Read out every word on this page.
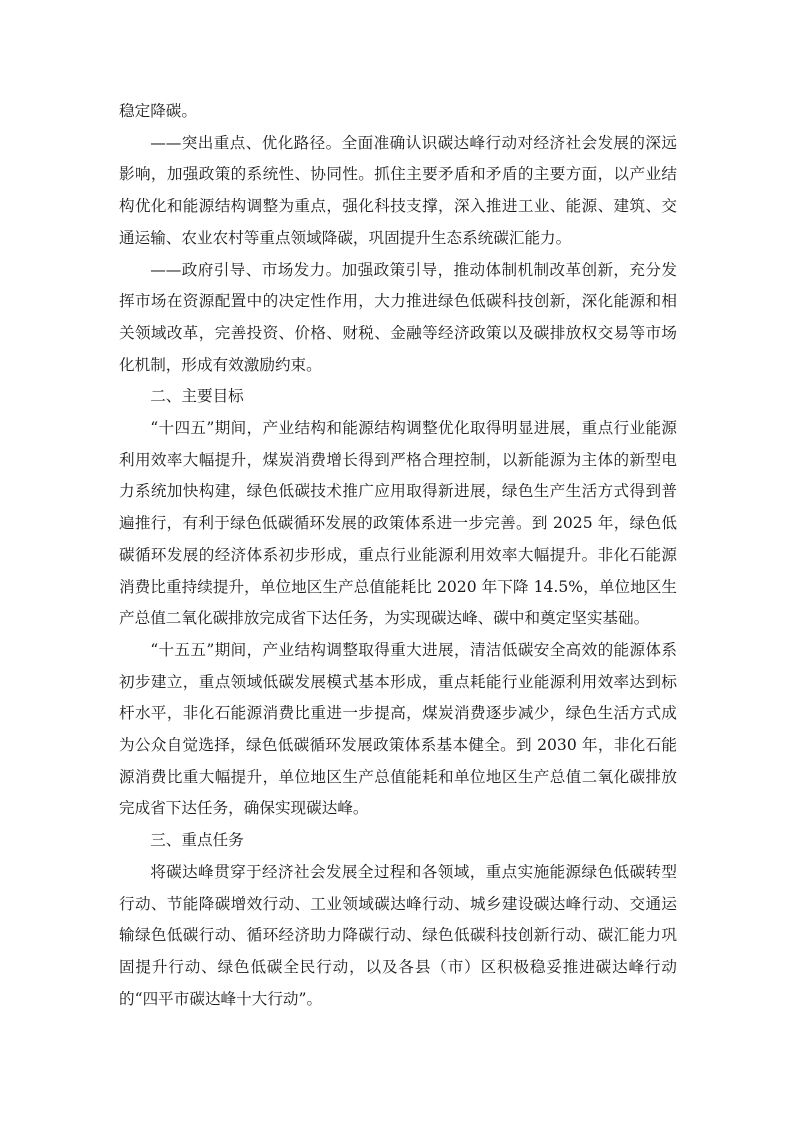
稳定降碳。

——突出重点、优化路径。全面准确认识碳达峰行动对经济社会发展的深远影响，加强政策的系统性、协同性。抓住主要矛盾和矛盾的主要方面，以产业结构优化和能源结构调整为重点，强化科技支撑，深入推进工业、能源、建筑、交通运输、农业农村等重点领域降碳，巩固提升生态系统碳汇能力。

——政府引导、市场发力。加强政策引导，推动体制机制改革创新，充分发挥市场在资源配置中的决定性作用，大力推进绿色低碳科技创新，深化能源和相关领域改革，完善投资、价格、财税、金融等经济政策以及碳排放权交易等市场化机制，形成有效激励约束。

二、主要目标

“十四五”期间，产业结构和能源结构调整优化取得明显进展，重点行业能源利用效率大幅提升，煤炭消费增长得到严格合理控制，以新能源为主体的新型电力系统加快构建，绿色低碳技术推广应用取得新进展，绿色生产生活方式得到普遍推行，有利于绿色低碳循环发展的政策体系进一步完善。到 2025 年，绿色低碳循环发展的经济体系初步形成，重点行业能源利用效率大幅提升。非化石能源消费比重持续提升，单位地区生产总值能耗比 2020 年下降 14.5%，单位地区生产总值二氧化碳排放完成省下达任务，为实现碳达峰、碳中和奠定坚实基础。

“十五五”期间，产业结构调整取得重大进展，清洁低碳安全高效的能源体系初步建立，重点领域低碳发展模式基本形成，重点耗能行业能源利用效率达到标杆水平，非化石能源消费比重进一步提高，煤炭消费逐步减少，绿色生活方式成为公众自觉选择，绿色低碳循环发展政策体系基本健全。到 2030 年，非化石能源消费比重大幅提升，单位地区生产总值能耗和单位地区生产总值二氧化碳排放完成省下达任务，确保实现碳达峰。

三、重点任务

将碳达峰贯穿于经济社会发展全过程和各领域，重点实施能源绿色低碳转型行动、节能降碳增效行动、工业领域碳达峰行动、城乡建设碳达峰行动、交通运输绿色低碳行动、循环经济助力降碳行动、绿色低碳科技创新行动、碳汇能力巩固提升行动、绿色低碳全民行动，以及各县（市）区积极稳妥推进碳达峰行动的“四平市碳达峰十大行动”。
